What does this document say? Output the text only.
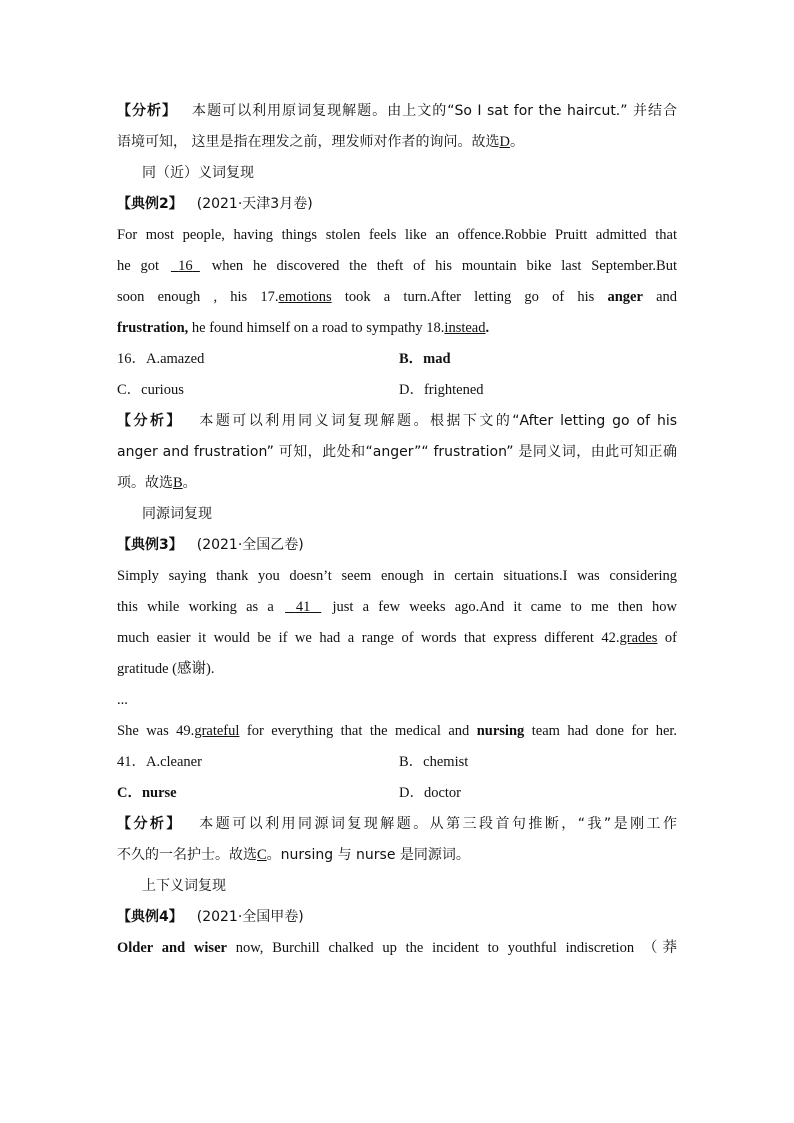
【分析】 本题可以利用原词复现解题。由上文的“So I sat for the haircut.” 并结合
语境可知， 这里是指在理发之前，理发师对作者的询问。故选D。
同（近）义词复现
【典例2】 (2021·天津3月卷)
For most people, having things stolen feels like an offence.Robbie Pruitt admitted that
he got 16 when he discovered the theft of his mountain bike last September.But
soon enough , his 17.emotions took a turn.After letting go of his anger and
frustration, he found himself on a road to sympathy 18.instead.
16．A.amazed	B．mad
C．curious	D．frightened
【分析】 本题可以利用同义词复现解题。根据下文的“After letting go of his
anger and frustration” 可知，此处和“anger”“ frustration” 是同义词，由此可知正确
项。故选B。
同源词复现
【典例3】 (2021·全国乙卷)
Simply saying thank you doesn’t seem enough in certain situations.I was considering
this while working as a 41 just a few weeks ago.And it came to me then how
much easier it would be if we had a range of words that express different 42.grades of
gratitude (感谢).
...
She was 49.grateful for everything that the medical and nursing team had done for her.
41．A.cleaner	B．chemist
C．nurse	D．doctor
【分析】 本题可以利用同源词复现解题。从第三段首句推断，“我”是刚工作
不久的一名护士。故选C。nursing 与 nurse 是同源词。
上下义词复现
【典例4】 (2021·全国甲卷)
Older and wiser now, Burchill chalked up the incident to youthful indiscretion （莽
